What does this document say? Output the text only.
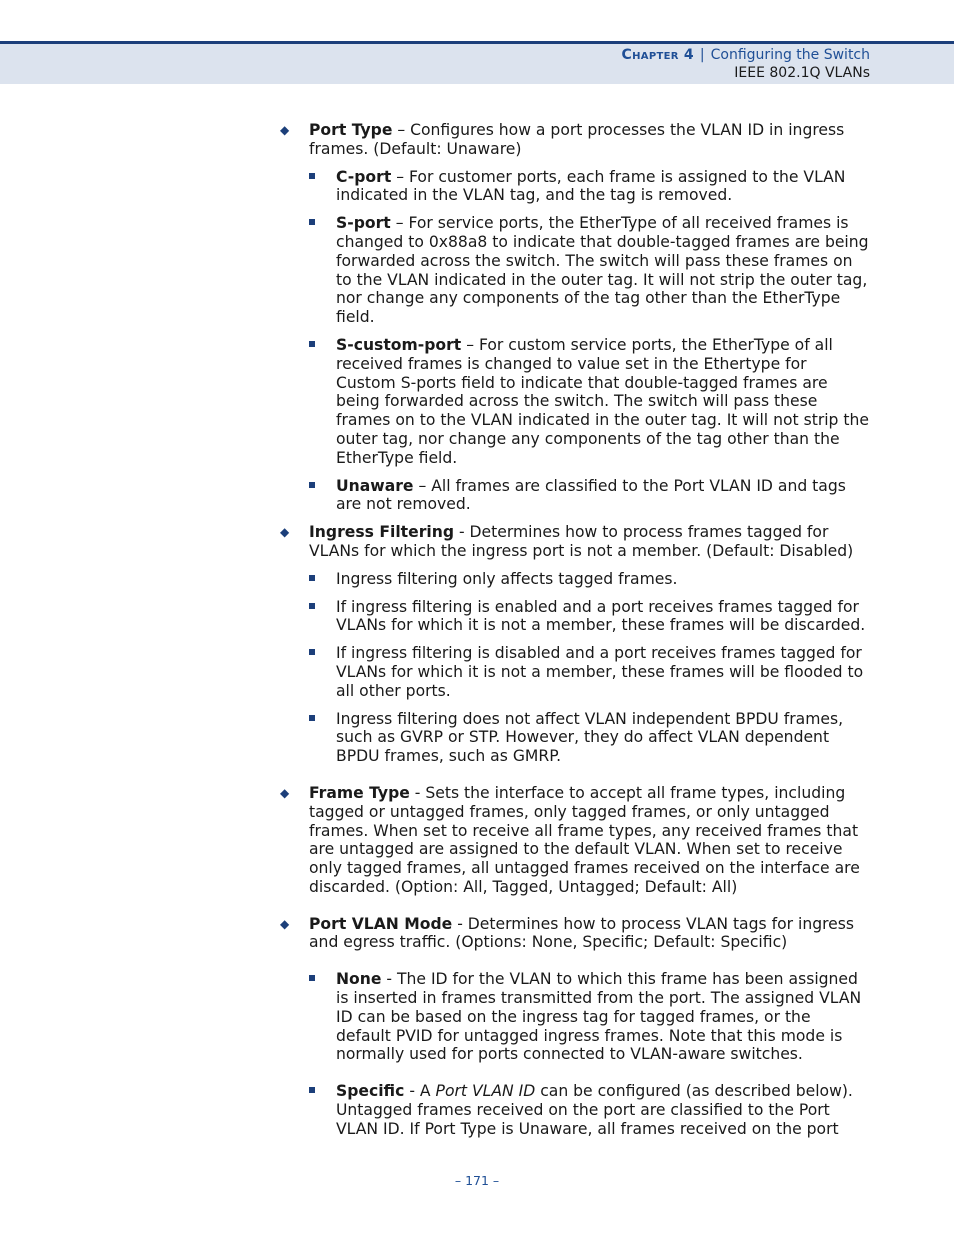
Chapter 4 | Configuring the Switch
IEEE 802.1Q VLANs
◆ Port Type – Configures how a port processes the VLAN ID in ingress frames. (Default: Unaware)
C-port – For customer ports, each frame is assigned to the VLAN indicated in the VLAN tag, and the tag is removed.
S-port – For service ports, the EtherType of all received frames is changed to 0x88a8 to indicate that double-tagged frames are being forwarded across the switch. The switch will pass these frames on to the VLAN indicated in the outer tag. It will not strip the outer tag, nor change any components of the tag other than the EtherType field.
S-custom-port – For custom service ports, the EtherType of all received frames is changed to value set in the Ethertype for Custom S-ports field to indicate that double-tagged frames are being forwarded across the switch. The switch will pass these frames on to the VLAN indicated in the outer tag. It will not strip the outer tag, nor change any components of the tag other than the EtherType field.
Unaware – All frames are classified to the Port VLAN ID and tags are not removed.
◆ Ingress Filtering - Determines how to process frames tagged for VLANs for which the ingress port is not a member. (Default: Disabled)
Ingress filtering only affects tagged frames.
If ingress filtering is enabled and a port receives frames tagged for VLANs for which it is not a member, these frames will be discarded.
If ingress filtering is disabled and a port receives frames tagged for VLANs for which it is not a member, these frames will be flooded to all other ports.
Ingress filtering does not affect VLAN independent BPDU frames, such as GVRP or STP. However, they do affect VLAN dependent BPDU frames, such as GMRP.
◆ Frame Type - Sets the interface to accept all frame types, including tagged or untagged frames, only tagged frames, or only untagged frames. When set to receive all frame types, any received frames that are untagged are assigned to the default VLAN. When set to receive only tagged frames, all untagged frames received on the interface are discarded. (Option: All, Tagged, Untagged; Default: All)
◆ Port VLAN Mode - Determines how to process VLAN tags for ingress and egress traffic. (Options: None, Specific; Default: Specific)
None - The ID for the VLAN to which this frame has been assigned is inserted in frames transmitted from the port. The assigned VLAN ID can be based on the ingress tag for tagged frames, or the default PVID for untagged ingress frames. Note that this mode is normally used for ports connected to VLAN-aware switches.
Specific - A Port VLAN ID can be configured (as described below). Untagged frames received on the port are classified to the Port VLAN ID. If Port Type is Unaware, all frames received on the port
– 171 –
